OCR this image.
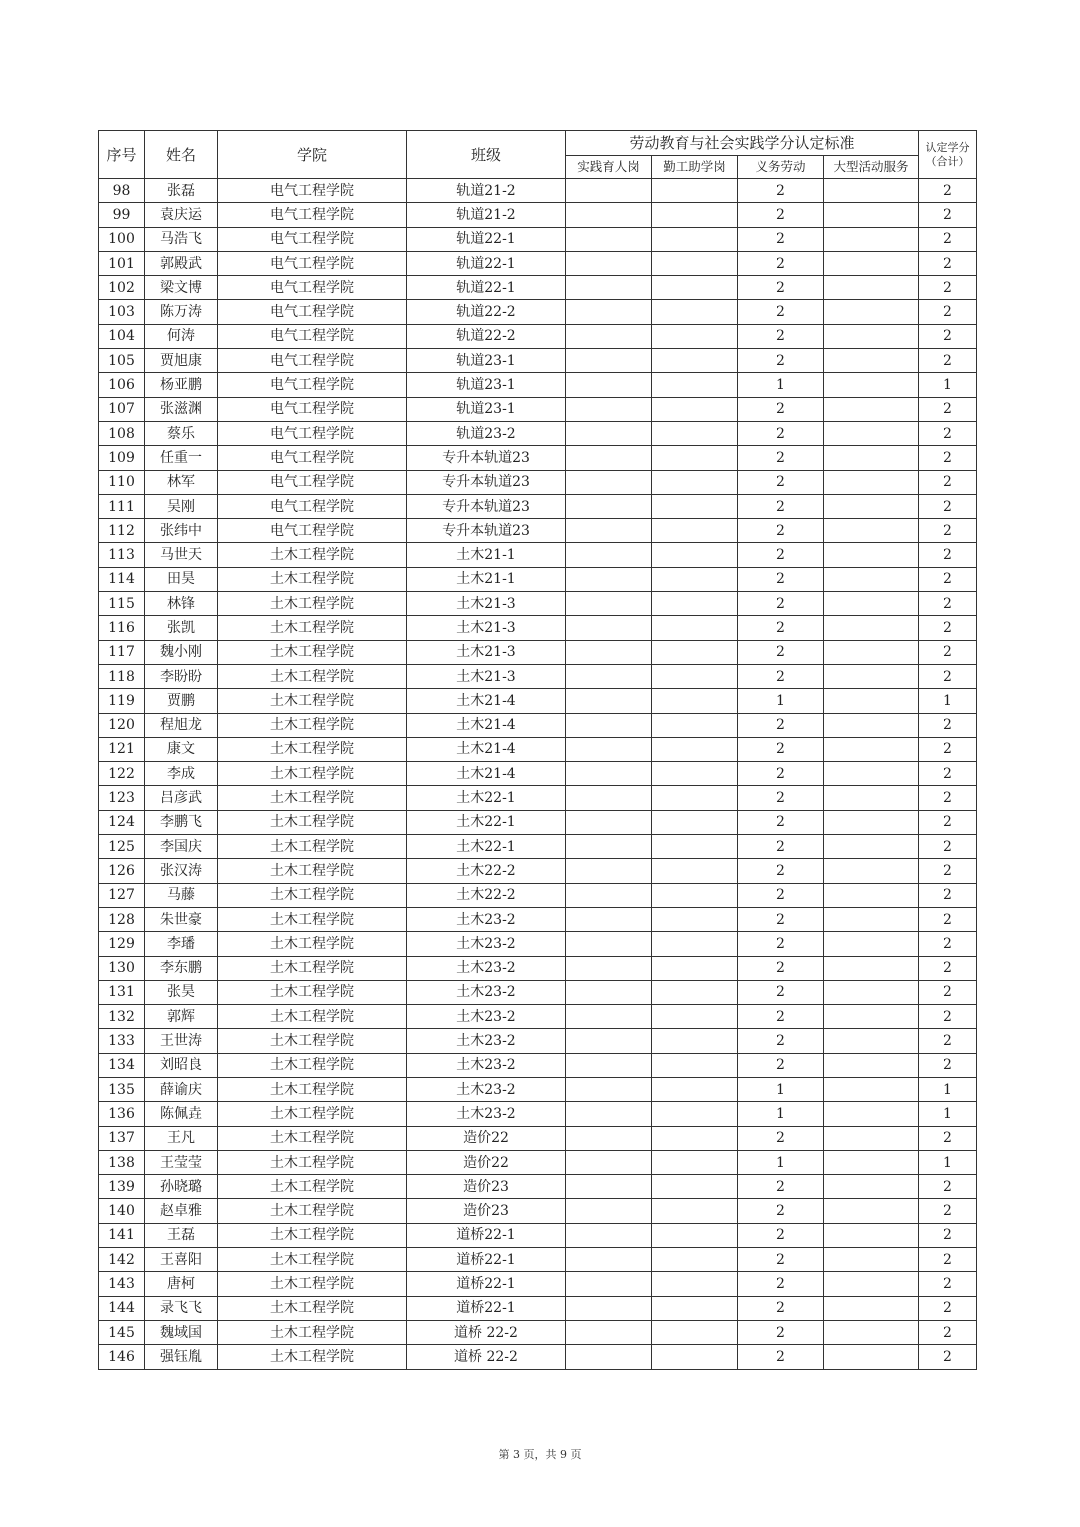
序号	姓名	学院	班级	劳动教育与社会实践学分认定标准				认定学分
（合计）
				实践育人岗	勤工助学岗	义务劳动	大型活动服务	
98	张磊	电气工程学院	轨道21-2			2		2
99	袁庆运	电气工程学院	轨道21-2			2		2
100	马浩飞	电气工程学院	轨道22-1			2		2
101	郭殿武	电气工程学院	轨道22-1			2		2
102	梁文博	电气工程学院	轨道22-1			2		2
103	陈万涛	电气工程学院	轨道22-2			2		2
104	何涛	电气工程学院	轨道22-2			2		2
105	贾旭康	电气工程学院	轨道23-1			2		2
106	杨亚鹏	电气工程学院	轨道23-1			1		1
107	张滋渊	电气工程学院	轨道23-1			2		2
108	蔡乐	电气工程学院	轨道23-2			2		2
109	任重一	电气工程学院	专升本轨道23			2		2
110	林军	电气工程学院	专升本轨道23			2		2
111	吴刚	电气工程学院	专升本轨道23			2		2
112	张纬中	电气工程学院	专升本轨道23			2		2
113	马世天	土木工程学院	土木21-1			2		2
114	田昊	土木工程学院	土木21-1			2		2
115	林锋	土木工程学院	土木21-3			2		2
116	张凯	土木工程学院	土木21-3			2		2
117	魏小刚	土木工程学院	土木21-3			2		2
118	李盼盼	土木工程学院	土木21-3			2		2
119	贾鹏	土木工程学院	土木21-4			1		1
120	程旭龙	土木工程学院	土木21-4			2		2
121	康文	土木工程学院	土木21-4			2		2
122	李成	土木工程学院	土木21-4			2		2
123	吕彦武	土木工程学院	土木22-1			2		2
124	李鹏飞	土木工程学院	土木22-1			2		2
125	李国庆	土木工程学院	土木22-1			2		2
126	张汉涛	土木工程学院	土木22-2			2		2
127	马藤	土木工程学院	土木22-2			2		2
128	朱世豪	土木工程学院	土木23-2			2		2
129	李璠	土木工程学院	土木23-2			2		2
130	李东鹏	土木工程学院	土木23-2			2		2
131	张昊	土木工程学院	土木23-2			2		2
132	郭辉	土木工程学院	土木23-2			2		2
133	王世涛	土木工程学院	土木23-2			2		2
134	刘昭良	土木工程学院	土木23-2			2		2
135	薛谕庆	土木工程学院	土木23-2			1		1
136	陈佩垚	土木工程学院	土木23-2			1		1
137	王凡	土木工程学院	造价22			2		2
138	王莹莹	土木工程学院	造价22			1		1
139	孙晓璐	土木工程学院	造价23			2		2
140	赵卓雅	土木工程学院	造价23			2		2
141	王磊	土木工程学院	道桥22-1			2		2
142	王喜阳	土木工程学院	道桥22-1			2		2
143	唐柯	土木工程学院	道桥22-1			2		2
144	录飞飞	土木工程学院	道桥22-1			2		2
145	魏域国	土木工程学院	道桥 22-2			2		2
146	强钰胤	土木工程学院	道桥 22-2			2		2
第 3 页，共 9 页
